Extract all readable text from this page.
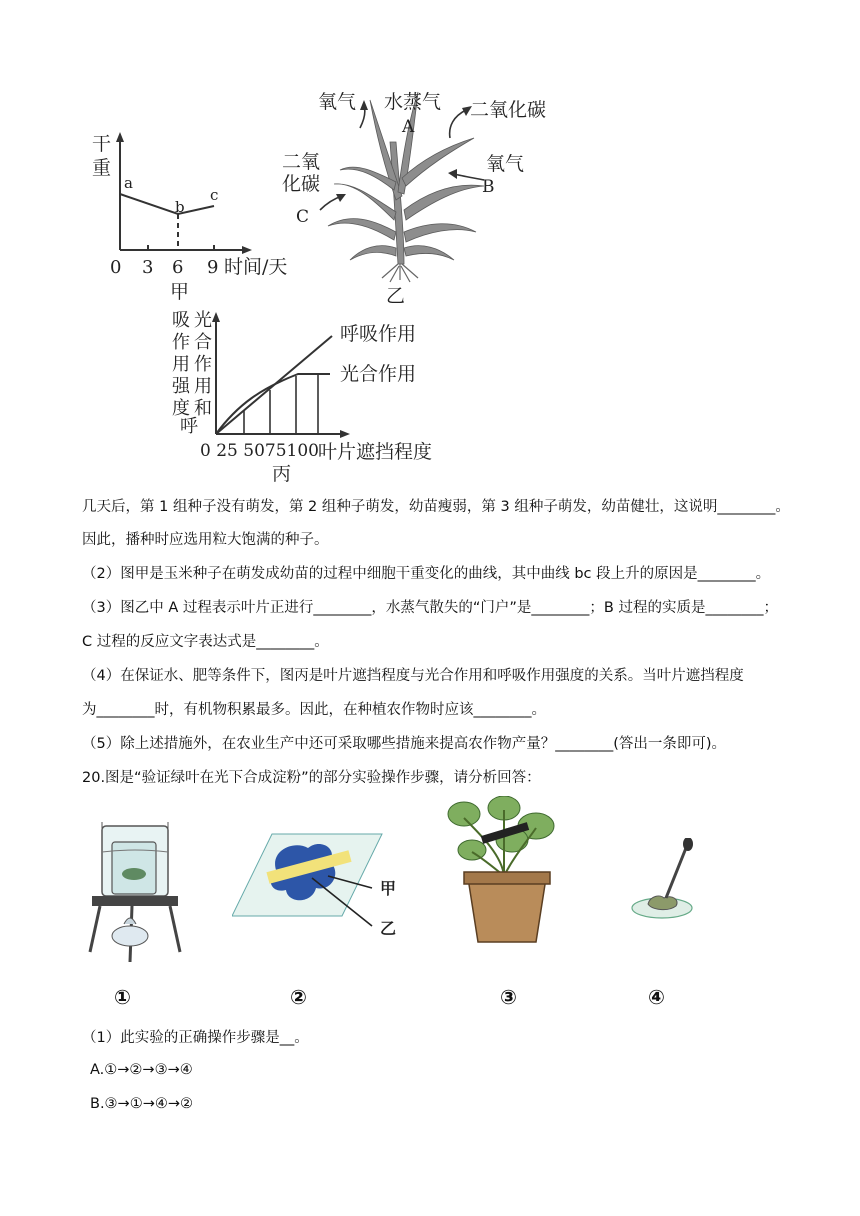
干
重
a
b
c
0 3 6 9 时间/天
甲
氧气 水蒸气
A
二氧化碳
氧气
B
二氧
化碳
C
乙
吸 光
作 合
用 作
强 用
度 和
呼
呼吸作用
光合作用
0 25 5075100 叶片遮挡程度
丙
几天后，第 1 组种子没有萌发，第 2 组种子萌发，幼苗瘦弱，第 3 组种子萌发，幼苗健壮，这说明________。
因此，播种时应选用粒大饱满的种子。
（2）图甲是玉米种子在萌发成幼苗的过程中细胞干重变化的曲线，其中曲线 bc 段上升的原因是________。
（3）图乙中 A 过程表示叶片正进行________，水蒸气散失的“门户”是________；B 过程的实质是________；
C 过程的反应文字表达式是________。
（4）在保证水、肥等条件下，图丙是叶片遮挡程度与光合作用和呼吸作用强度的关系。当叶片遮挡程度
为________时，有机物积累最多。因此，在种植农作物时应该________。
（5）除上述措施外，在农业生产中还可采取哪些措施来提高农作物产量？________(答出一条即可)。
20.图是“验证绿叶在光下合成淀粉”的部分实验操作步骤，请分析回答：
甲
乙
①	②	③	④
（1）此实验的正确操作步骤是__。
A.①→②→③→④
B.③→①→④→②
